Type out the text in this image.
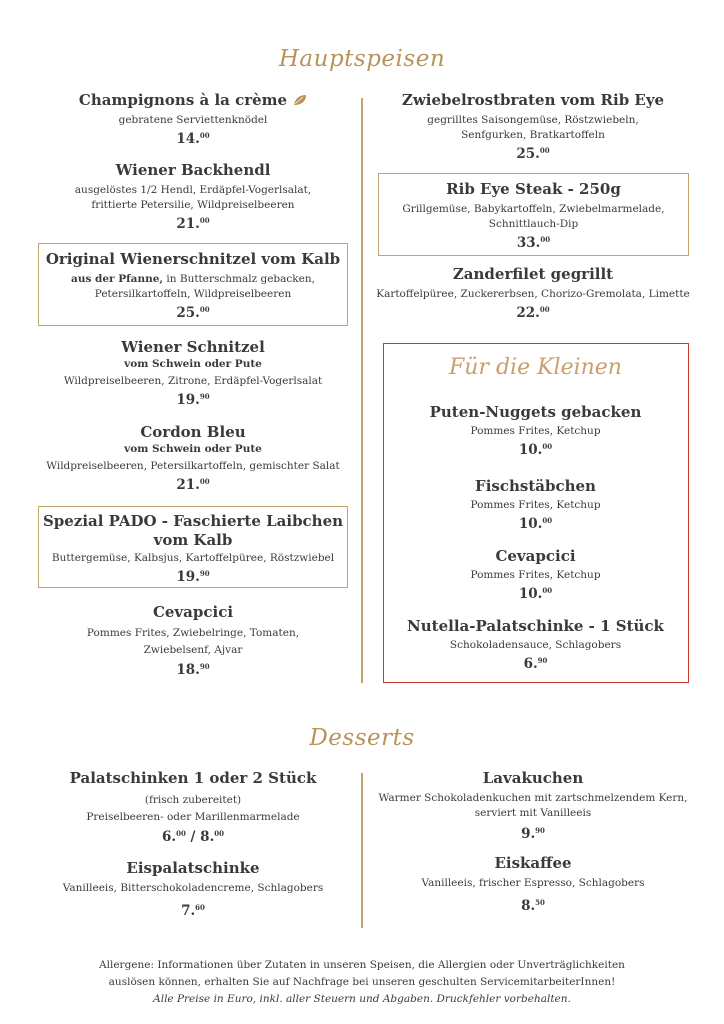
Hauptspeisen
Champignons à la crème
gebratene Serviettenknödel
14.00
Wiener Backhendl
ausgelöstes 1/2 Hendl, Erdäpfel-Vogerlsalat,
frittierte Petersilie, Wildpreiselbeeren
21.00
Original Wienerschnitzel vom Kalb
aus der Pfanne, in Butterschmalz gebacken,
Petersilkartoffeln, Wildpreiselbeeren
25.00
Wiener Schnitzel
vom Schwein oder Pute
Wildpreiselbeeren, Zitrone, Erdäpfel-Vogerlsalat
19.90
Cordon Bleu
vom Schwein oder Pute
Wildpreiselbeeren, Petersilkartoffeln, gemischter Salat
21.00
Spezial PADO - Faschierte Laibchen
vom Kalb
Buttergemüse, Kalbsjus, Kartoffelpüree, Röstzwiebel
19.90
Cevapcici
Pommes Frites, Zwiebelringe, Tomaten,
Zwiebelsenf, Ajvar
18.90
Zwiebelrostbraten vom Rib Eye
gegrilltes Saisongemüse, Röstzwiebeln,
Senfgurken, Bratkartoffeln
25.00
Rib Eye Steak - 250g
Grillgemüse, Babykartoffeln, Zwiebelmarmelade,
Schnittlauch-Dip
33.00
Zanderfilet gegrillt
Kartoffelpüree, Zuckererbsen, Chorizo-Gremolata, Limette
22.00
Für die Kleinen
Puten-Nuggets gebacken
Pommes Frites, Ketchup
10.00
Fischstäbchen
Pommes Frites, Ketchup
10.00
Cevapcici
Pommes Frites, Ketchup
10.00
Nutella-Palatschinke - 1 Stück
Schokoladensauce, Schlagobers
6.90
Desserts
Palatschinken 1 oder 2 Stück
(frisch zubereitet)
Preiselbeeren- oder Marillenmarmelade
6.00 / 8.00
Eispalatschinke
Vanilleeis, Bitterschokoladencreme, Schlagobers
7.60
Lavakuchen
Warmer Schokoladenkuchen mit zartschmelzendem Kern,
serviert mit Vanilleeis
9.90
Eiskaffee
Vanilleeis, frischer Espresso, Schlagobers
8.50
Allergene: Informationen über Zutaten in unseren Speisen, die Allergien oder Unverträglichkeiten
auslösen können, erhalten Sie auf Nachfrage bei unseren geschulten ServicemitarbeiterInnen!
Alle Preise in Euro, inkl. aller Steuern und Abgaben. Druckfehler vorbehalten.
